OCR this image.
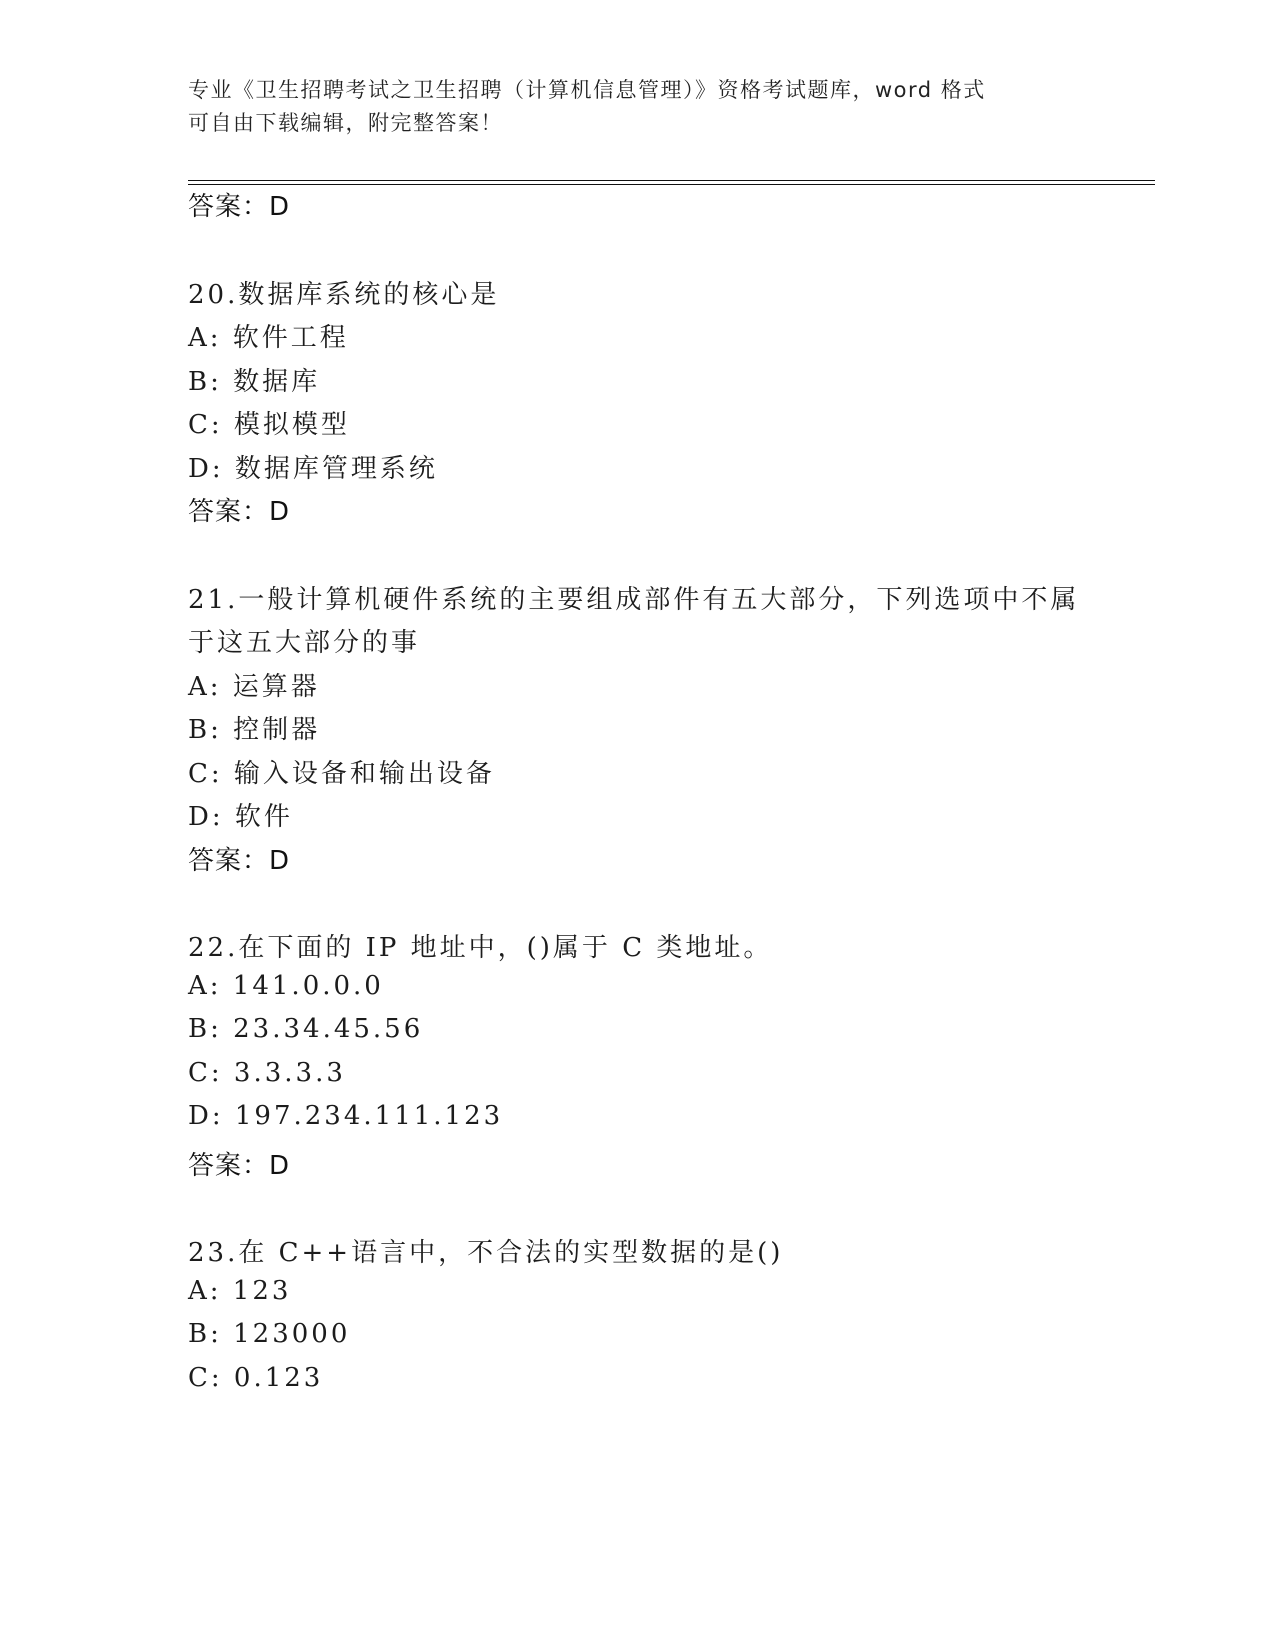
专业《卫生招聘考试之卫生招聘（计算机信息管理）》资格考试题库，word 格式
可自由下载编辑，附完整答案！
答案：D
20.数据库系统的核心是
A: 软件工程
B: 数据库
C: 模拟模型
D: 数据库管理系统
答案：D
21.一般计算机硬件系统的主要组成部件有五大部分，下列选项中不属
于这五大部分的事
A: 运算器
B: 控制器
C: 输入设备和输出设备
D: 软件
答案：D
22.在下面的 IP 地址中，()属于 C 类地址。
A: 141.0.0.0
B: 23.34.45.56
C: 3.3.3.3
D: 197.234.111.123
答案：D
23.在 C++语言中，不合法的实型数据的是()
A: 123
B: 123000
C: 0.123
